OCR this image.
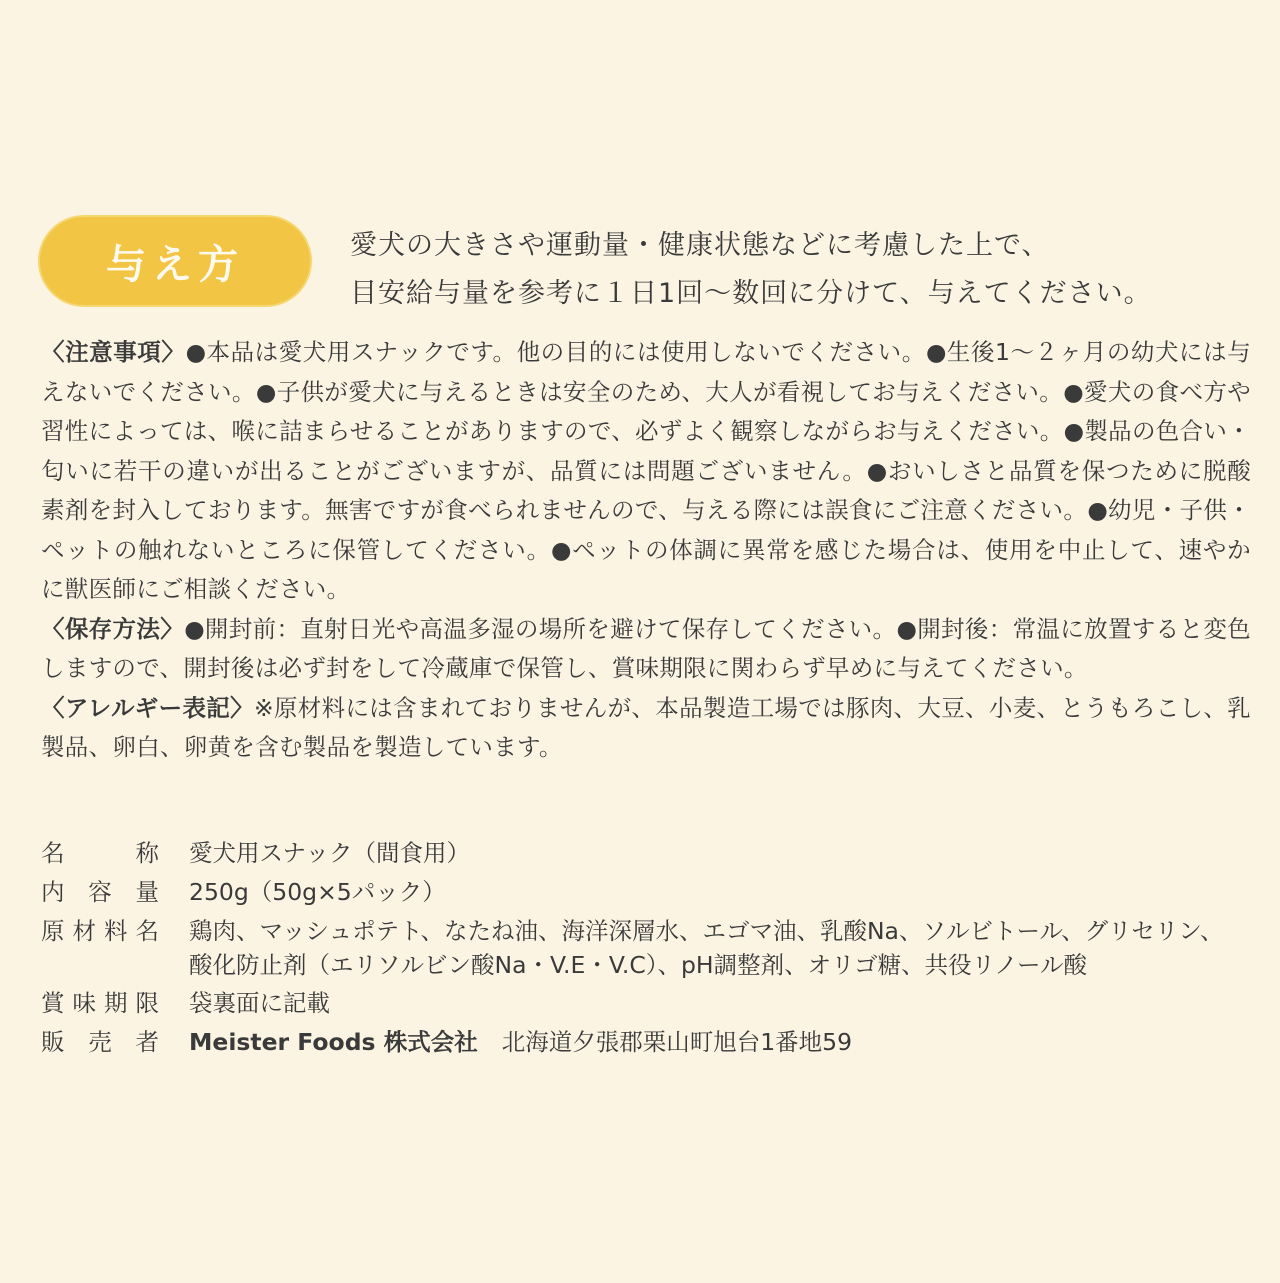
与え方	愛犬の大きさや運動量・健康状態などに考慮した上で、

目安給与量を参考に１日1回〜数回に分けて、与えてください。

〈注意事項〉●本品は愛犬用スナックです。他の目的には使用しないでください。●生後1〜２ヶ月の幼犬には与えないでください。●子供が愛犬に与えるときは安全のため、大人が看視してお与えください。●愛犬の食べ方や習性によっては、喉に詰まらせることがありますので、必ずよく観察しながらお与えください。●製品の色合い・匂いに若干の違いが出ることがございますが、品質には問題ございません。●おいしさと品質を保つために脱酸素剤を封入しております。無害ですが食べられませんので、与える際には誤食にご注意ください。●幼児・子供・ペットの触れないところに保管してください。●ペットの体調に異常を感じた場合は、使用を中止して、速やかに獣医師にご相談ください。

〈保存方法〉●開封前：直射日光や高温多湿の場所を避けて保存してください。●開封後：常温に放置すると変色しますので、開封後は必ず封をして冷蔵庫で保管し、賞味期限に関わらず早めに与えてください。

〈アレルギー表記〉※原材料には含まれておりませんが、本品製造工場では豚肉、大豆、小麦、とうもろこし、乳製品、卵白、卵黄を含む製品を製造しています。

名称 愛犬用スナック（間食用）
内容量 250g（50g×5パック）
原材料名 鶏肉、マッシュポテト、なたね油、海洋深層水、エゴマ油、乳酸Na、ソルビトール、グリセリン、
酸化防止剤（エリソルビン酸Na・V.E・V.C）、pH調整剤、オリゴ糖、共役リノール酸
賞味期限 袋裏面に記載
販売者 Meister Foods 株式会社 北海道夕張郡栗山町旭台1番地59
